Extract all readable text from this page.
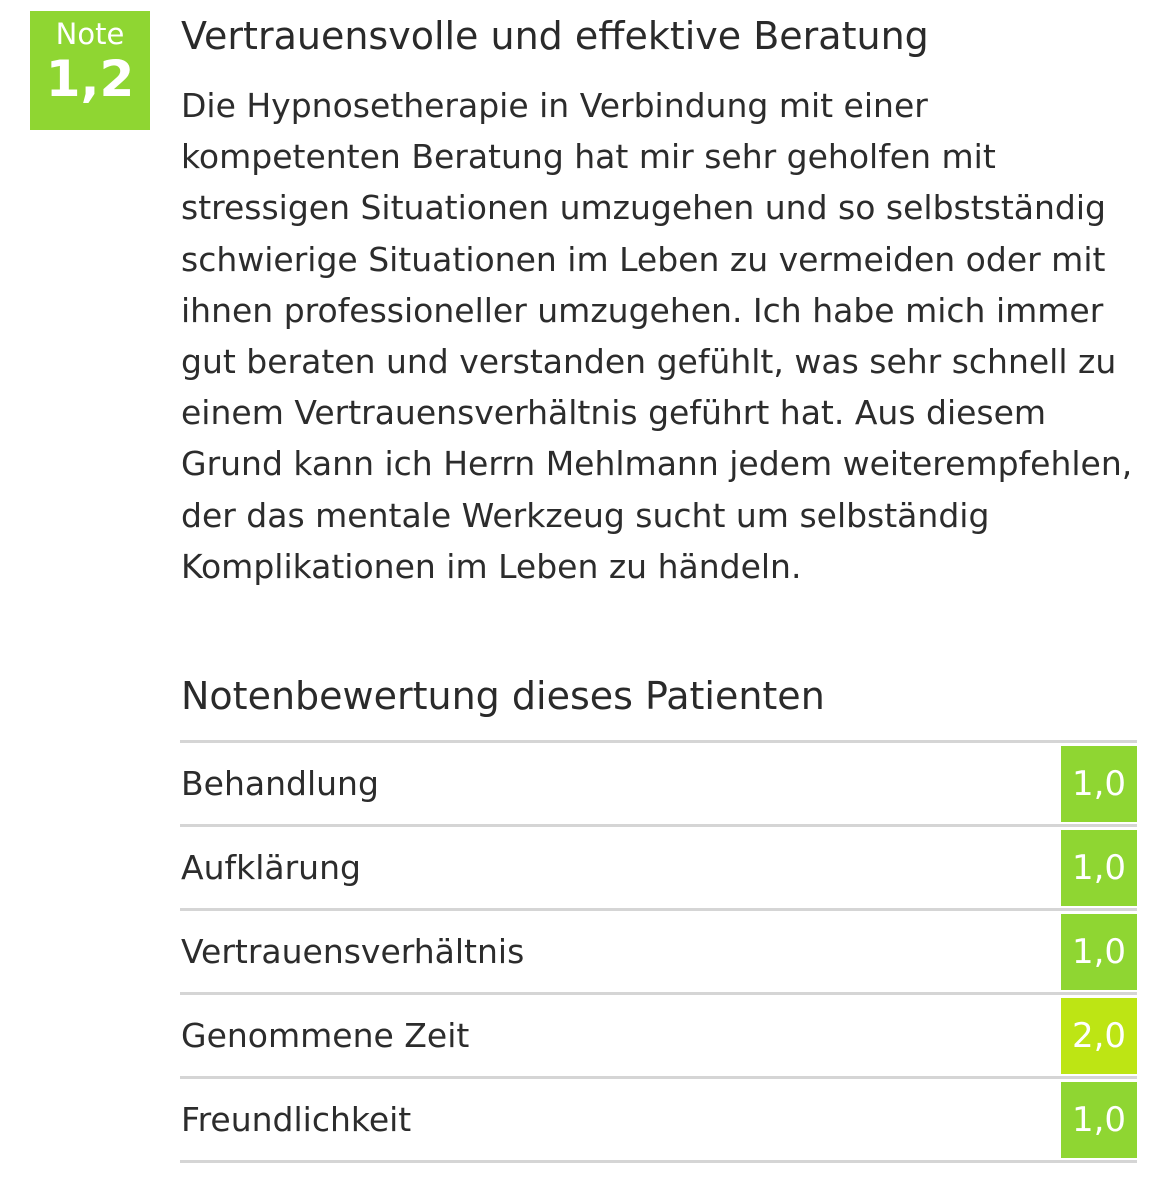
Note
1,2
Vertrauensvolle und effektive Beratung

Die Hypnosetherapie in Verbindung mit einer kompetenten Beratung hat mir sehr geholfen mit stressigen Situationen umzugehen und so selbstständig schwierige Situationen im Leben zu vermeiden oder mit ihnen professioneller umzugehen. Ich habe mich immer gut beraten und verstanden gefühlt, was sehr schnell zu einem Vertrauensverhältnis geführt hat. Aus diesem Grund kann ich Herrn Mehlmann jedem weiterempfehlen, der das mentale Werkzeug sucht um selbständig Komplikationen im Leben zu händeln.

Notenbewertung dieses Patienten
Behandlung	1,0
Aufklärung	1,0
Vertrauensverhältnis	1,0
Genommene Zeit	2,0
Freundlichkeit	1,0
